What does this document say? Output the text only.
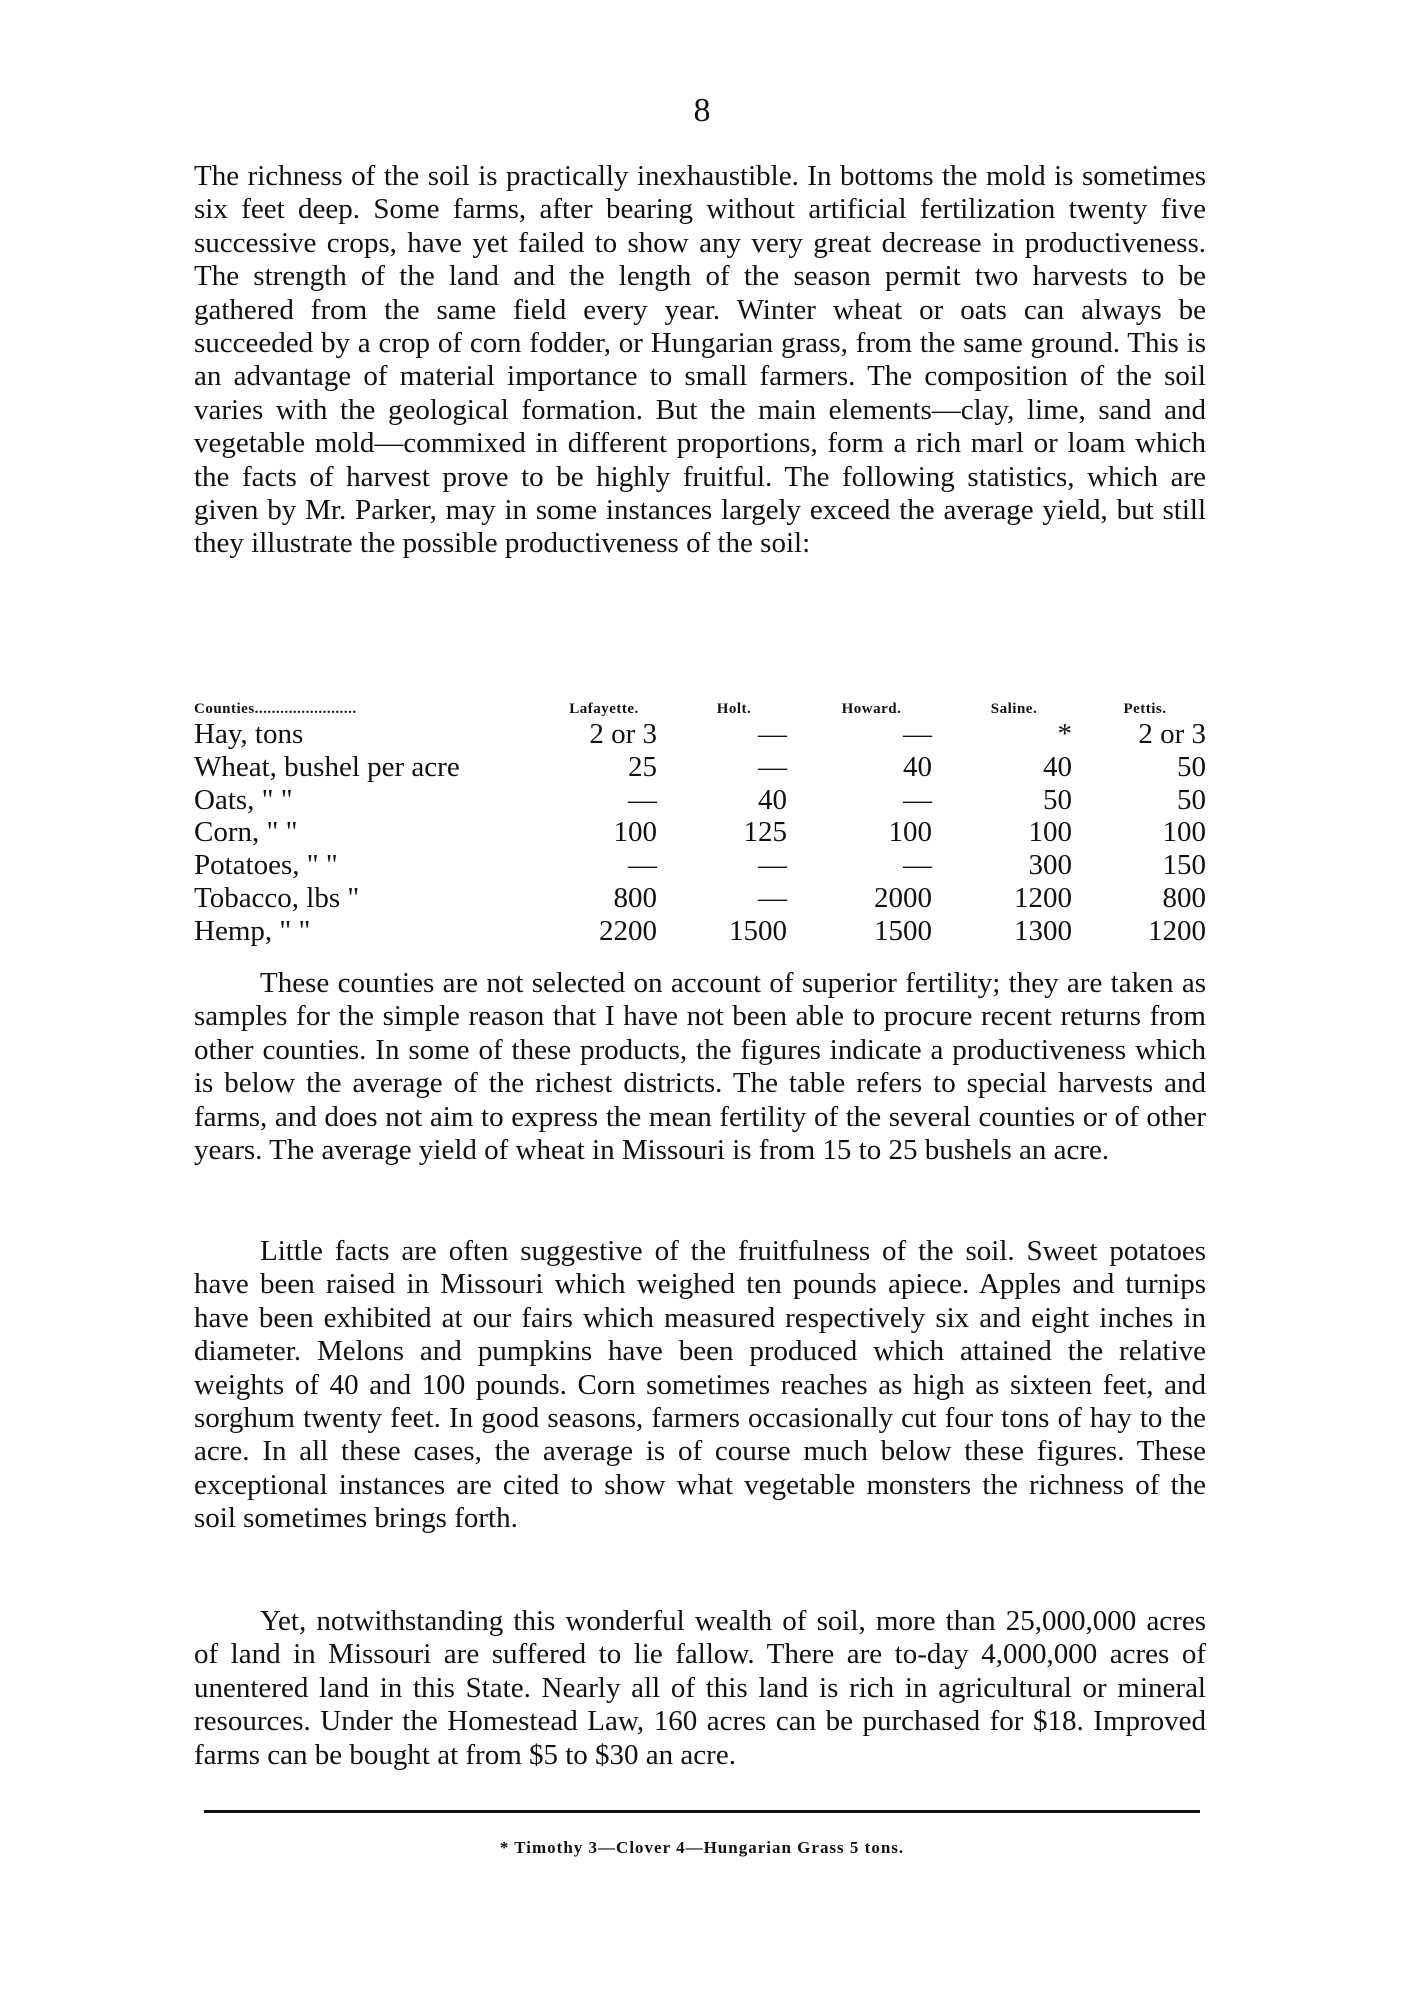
8

The richness of the soil is practically inexhaustible. In bottoms the mold is sometimes six feet deep. Some farms, after bearing without artificial fertilization twenty five successive crops, have yet failed to show any very great decrease in productiveness. The strength of the land and the length of the season permit two harvests to be gathered from the same field every year. Winter wheat or oats can always be succeeded by a crop of corn fodder, or Hungarian grass, from the same ground. This is an advantage of material importance to small farmers. The composition of the soil varies with the geological formation. But the main elements—clay, lime, sand and vegetable mold—commixed in different proportions, form a rich marl or loam which the facts of harvest prove to be highly fruitful. The following statistics, which are given by Mr. Parker, may in some instances largely exceed the average yield, but still they illustrate the possible productiveness of the soil:

Counties........................	Lafayette.	Holt.	Howard.	Saline.	Pettis.
Hay, tons	2 or 3	—	—	*	2 or 3
Wheat, bushel per acre	25	—	40	40	50
Oats, " "	—	40	—	50	50
Corn, " "	100	125	100	100	100
Potatoes, " "	—	—	—	300	150
Tobacco, lbs "	800	—	2000	1200	800
Hemp, " "	2200	1500	1500	1300	1200

These counties are not selected on account of superior fertility; they are taken as samples for the simple reason that I have not been able to procure recent returns from other counties. In some of these products, the figures indicate a productiveness which is below the average of the richest districts. The table refers to special harvests and farms, and does not aim to express the mean fertility of the several counties or of other years. The average yield of wheat in Missouri is from 15 to 25 bushels an acre.

Little facts are often suggestive of the fruitfulness of the soil. Sweet potatoes have been raised in Missouri which weighed ten pounds apiece. Apples and turnips have been exhibited at our fairs which measured respectively six and eight inches in diameter. Melons and pumpkins have been produced which attained the relative weights of 40 and 100 pounds. Corn sometimes reaches as high as sixteen feet, and sorghum twenty feet. In good seasons, farmers occasionally cut four tons of hay to the acre. In all these cases, the average is of course much below these figures. These exceptional instances are cited to show what vegetable monsters the richness of the soil sometimes brings forth.

Yet, notwithstanding this wonderful wealth of soil, more than 25,000,000 acres of land in Missouri are suffered to lie fallow. There are to-day 4,000,000 acres of unentered land in this State. Nearly all of this land is rich in agricultural or mineral resources. Under the Homestead Law, 160 acres can be purchased for $18. Improved farms can be bought at from $5 to $30 an acre.

* Timothy 3—Clover 4—Hungarian Grass 5 tons.
